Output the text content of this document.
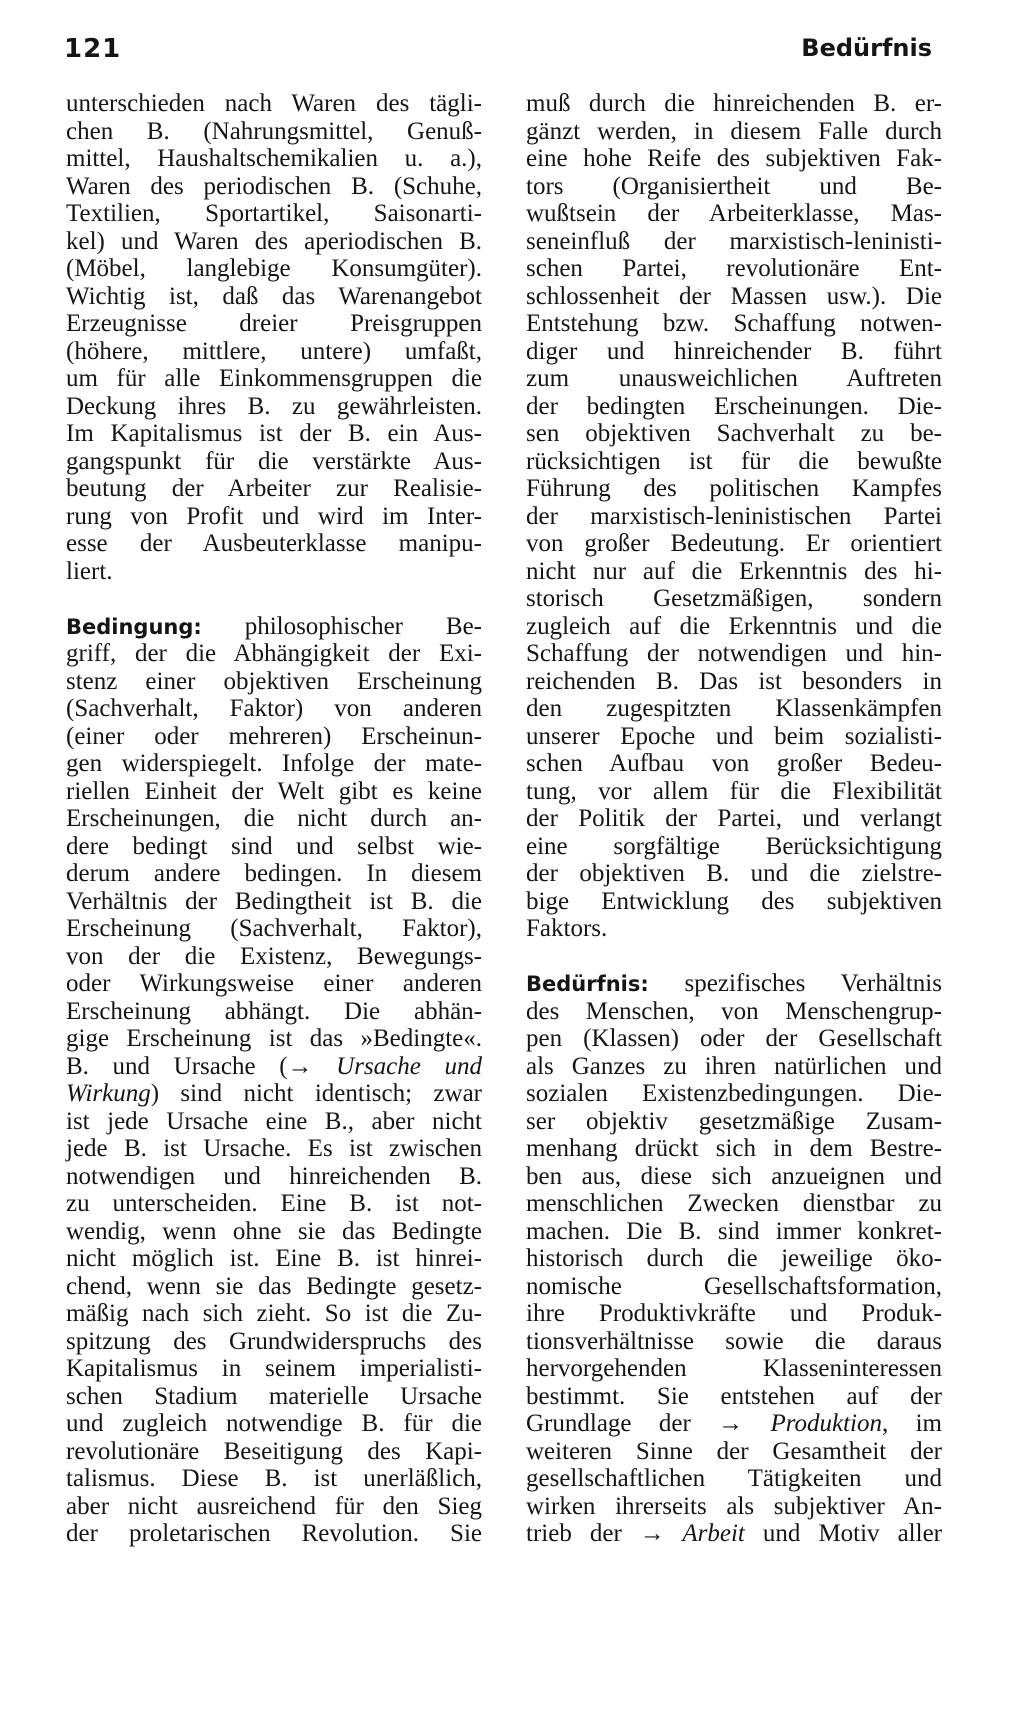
121	Bedürfnis
unterschieden nach Waren des tägli-
chen B. (Nahrungsmittel, Genuß-
mittel, Haushaltschemikalien u. a.),
Waren des periodischen B. (Schuhe,
Textilien, Sportartikel, Saisonarti-
kel) und Waren des aperiodischen B.
(Möbel, langlebige Konsumgüter).
Wichtig ist, daß das Warenangebot
Erzeugnisse dreier Preisgruppen
(höhere, mittlere, untere) umfaßt,
um für alle Einkommensgruppen die
Deckung ihres B. zu gewährleisten.
Im Kapitalismus ist der B. ein Aus-
gangspunkt für die verstärkte Aus-
beutung der Arbeiter zur Realisie-
rung von Profit und wird im Inter-
esse der Ausbeuterklasse manipu-
liert.
Bedingung: philosophischer Be-
griff, der die Abhängigkeit der Exi-
stenz einer objektiven Erscheinung
(Sachverhalt, Faktor) von anderen
(einer oder mehreren) Erscheinun-
gen widerspiegelt. Infolge der mate-
riellen Einheit der Welt gibt es keine
Erscheinungen, die nicht durch an-
dere bedingt sind und selbst wie-
derum andere bedingen. In diesem
Verhältnis der Bedingtheit ist B. die
Erscheinung (Sachverhalt, Faktor),
von der die Existenz, Bewegungs-
oder Wirkungsweise einer anderen
Erscheinung abhängt. Die abhän-
gige Erscheinung ist das »Bedingte«.
B. und Ursache (→ Ursache und
Wirkung) sind nicht identisch; zwar
ist jede Ursache eine B., aber nicht
jede B. ist Ursache. Es ist zwischen
notwendigen und hinreichenden B.
zu unterscheiden. Eine B. ist not-
wendig, wenn ohne sie das Bedingte
nicht möglich ist. Eine B. ist hinrei-
chend, wenn sie das Bedingte gesetz-
mäßig nach sich zieht. So ist die Zu-
spitzung des Grundwiderspruchs des
Kapitalismus in seinem imperialisti-
schen Stadium materielle Ursache
und zugleich notwendige B. für die
revolutionäre Beseitigung des Kapi-
talismus. Diese B. ist unerläßlich,
aber nicht ausreichend für den Sieg
der proletarischen Revolution. Sie
muß durch die hinreichenden B. er-
gänzt werden, in diesem Falle durch
eine hohe Reife des subjektiven Fak-
tors (Organisiertheit und Be-
wußtsein der Arbeiterklasse, Mas-
seneinfluß der marxistisch-leninisti-
schen Partei, revolutionäre Ent-
schlossenheit der Massen usw.). Die
Entstehung bzw. Schaffung notwen-
diger und hinreichender B. führt
zum unausweichlichen Auftreten
der bedingten Erscheinungen. Die-
sen objektiven Sachverhalt zu be-
rücksichtigen ist für die bewußte
Führung des politischen Kampfes
der marxistisch-leninistischen Partei
von großer Bedeutung. Er orientiert
nicht nur auf die Erkenntnis des hi-
storisch Gesetzmäßigen, sondern
zugleich auf die Erkenntnis und die
Schaffung der notwendigen und hin-
reichenden B. Das ist besonders in
den zugespitzten Klassenkämpfen
unserer Epoche und beim sozialisti-
schen Aufbau von großer Bedeu-
tung, vor allem für die Flexibilität
der Politik der Partei, und verlangt
eine sorgfältige Berücksichtigung
der objektiven B. und die zielstre-
bige Entwicklung des subjektiven
Faktors.
Bedürfnis: spezifisches Verhältnis
des Menschen, von Menschengrup-
pen (Klassen) oder der Gesellschaft
als Ganzes zu ihren natürlichen und
sozialen Existenzbedingungen. Die-
ser objektiv gesetzmäßige Zusam-
menhang drückt sich in dem Bestre-
ben aus, diese sich anzueignen und
menschlichen Zwecken dienstbar zu
machen. Die B. sind immer konkret-
historisch durch die jeweilige öko-
nomische Gesellschaftsformation,
ihre Produktivkräfte und Produk-
tionsverhältnisse sowie die daraus
hervorgehenden Klasseninteressen
bestimmt. Sie entstehen auf der
Grundlage der → Produktion, im
weiteren Sinne der Gesamtheit der
gesellschaftlichen Tätigkeiten und
wirken ihrerseits als subjektiver An-
trieb der → Arbeit und Motiv aller
